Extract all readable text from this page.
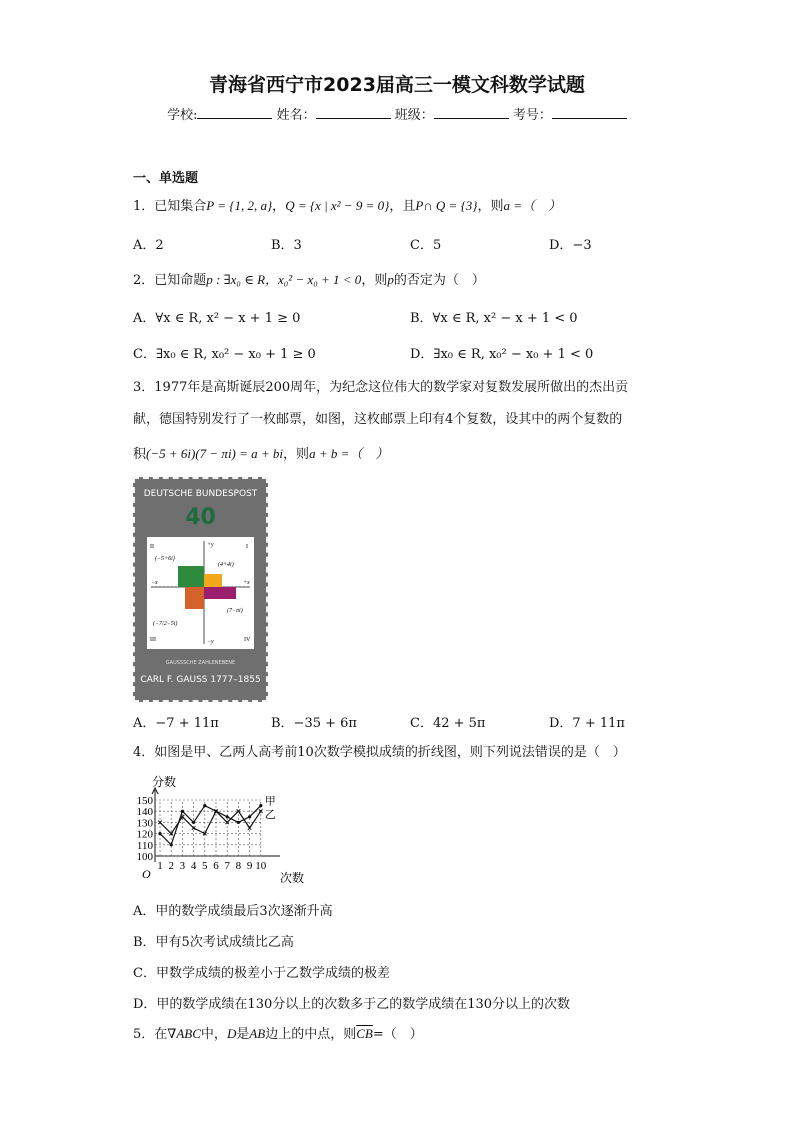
青海省西宁市2023届高三一模文科数学试题
学校:	姓名：	班级：	考号：
一、单选题
1．已知集合P = {1, 2, a}，Q = {x | x² − 9 = 0}，且P∩ Q = {3}，则a =（　）
A．2	B．3	C．5	D．−3
2．已知命题p : ∃x₀ ∈ R，x₀² − x₀ + 1 < 0，则p的否定为（　）
A．∀x ∈ R, x² − x + 1 ≥ 0	B．∀x ∈ R, x² − x + 1 < 0
C．∃x₀ ∈ R, x₀² − x₀ + 1 ≥ 0	D．∃x₀ ∈ R, x₀² − x₀ + 1 < 0
3．1977年是高斯诞辰200周年，为纪念这位伟大的数学家对复数发展所做出的杰出贡
献，德国特别发行了一枚邮票，如图，这枚邮票上印有4个复数，设其中的两个复数的
积(−5 + 6i)(7 − πi) = a + bi，则a + b =（　）
DEUTSCHE BUNDESPOST
40
II	I
III	IV
+y
−y
+x
−x
(−5+6i)
(4+4i)
(7−πi)
(−7/2−5i)
GAUSSSCHE ZAHLENEBENE
CARL F. GAUSS 1777–1855
A．−7 + 11π	B．−35 + 6π	C．42 + 5π	D．7 + 11π
4．如图是甲、乙两人高考前10次数学模拟成绩的折线图，则下列说法错误的是（　）
分数
次数
O
甲
乙
100
110
120
130
140
150
1 2 3 4 5 6 7 8 9 10
A．甲的数学成绩最后3次逐渐升高
B．甲有5次考试成绩比乙高
C．甲数学成绩的极差小于乙数学成绩的极差
D．甲的数学成绩在130分以上的次数多于乙的数学成绩在130分以上的次数
5．在∇ABC中，D是AB边上的中点，则$\overline{CB}=$（　）
